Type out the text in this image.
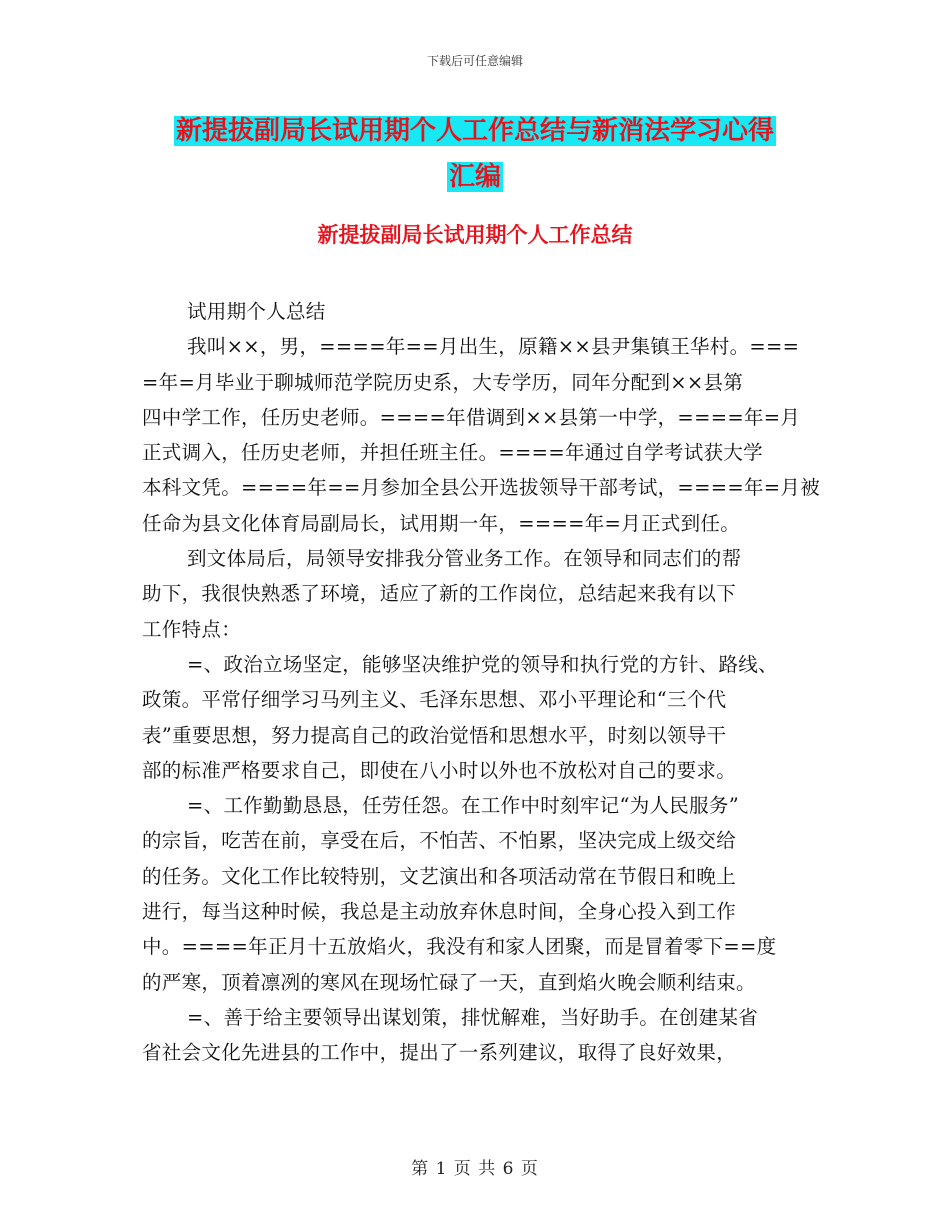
下载后可任意编辑
新提拔副局长试用期个人工作总结与新消法学习心得
汇编
新提拔副局长试用期个人工作总结
试用期个人总结
我叫××，男，====年==月出生，原籍××县尹集镇王华村。===
=年=月毕业于聊城师范学院历史系，大专学历，同年分配到××县第
四中学工作，任历史老师。====年借调到××县第一中学，====年=月
正式调入，任历史老师，并担任班主任。====年通过自学考试获大学
本科文凭。====年==月参加全县公开选拔领导干部考试，====年=月被
任命为县文化体育局副局长，试用期一年，====年=月正式到任。
到文体局后，局领导安排我分管业务工作。在领导和同志们的帮
助下，我很快熟悉了环境，适应了新的工作岗位，总结起来我有以下
工作特点：
=、政治立场坚定，能够坚决维护党的领导和执行党的方针、路线、
政策。平常仔细学习马列主义、毛泽东思想、邓小平理论和“三个代
表”重要思想，努力提高自己的政治觉悟和思想水平，时刻以领导干
部的标准严格要求自己，即使在八小时以外也不放松对自己的要求。
=、工作勤勤恳恳，任劳任怨。在工作中时刻牢记“为人民服务”
的宗旨，吃苦在前，享受在后，不怕苦、不怕累，坚决完成上级交给
的任务。文化工作比较特别，文艺演出和各项活动常在节假日和晚上
进行，每当这种时候，我总是主动放弃休息时间，全身心投入到工作
中。====年正月十五放焰火，我没有和家人团聚，而是冒着零下==度
的严寒，顶着凛冽的寒风在现场忙碌了一天，直到焰火晚会顺利结束。
=、善于给主要领导出谋划策，排忧解难，当好助手。在创建某省
省社会文化先进县的工作中，提出了一系列建议，取得了良好效果，
第 1 页 共 6 页
